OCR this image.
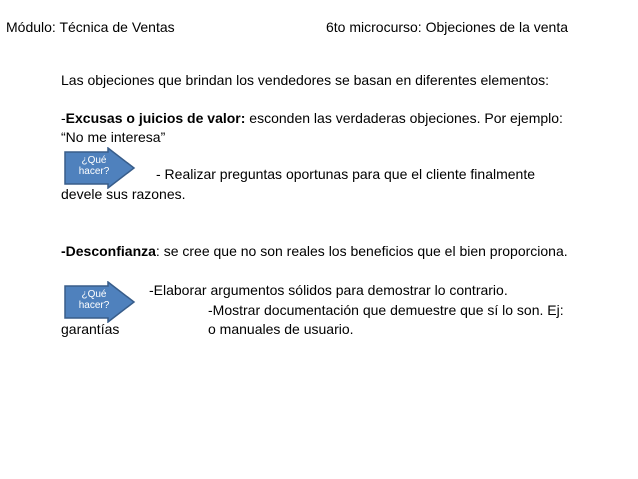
Módulo: Técnica de Ventas	6to microcurso: Objeciones de la venta
Las objeciones que brindan los vendedores se basan en diferentes elementos:
-Excusas o juicios de valor: esconden las verdaderas objeciones. Por ejemplo:
“No me interesa”
¿Qué
hacer?	- Realizar preguntas oportunas para que el cliente finalmente
devele sus razones.
-Desconfianza: se cree que no son reales los beneficios que el bien proporciona.
-Elaborar argumentos sólidos para demostrar lo contrario.
¿Qué
hacer?	-Mostrar documentación que demuestre que sí lo son. Ej:
garantías	o manuales de usuario.
